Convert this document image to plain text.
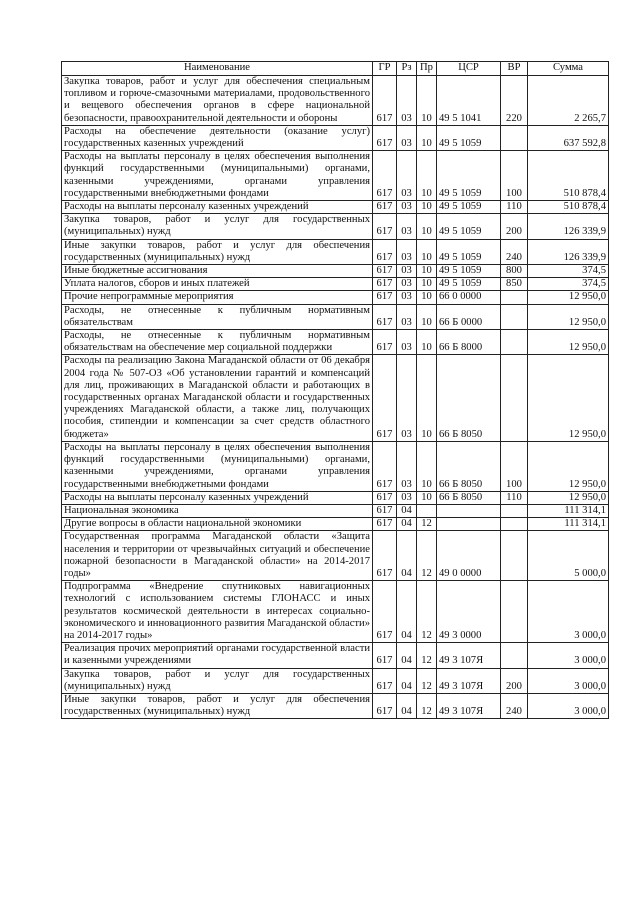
Наименование	ГР	Рз	Пр	ЦСР	ВР	Сумма
Закупка товаров, работ и услуг для обеспечения специальным топливом и горюче-смазочными материалами, продовольственного и вещевого обеспечения органов в сфере национальной безопасности, правоохранительной деятельности и обороны	617	03	10	49 5 1041	220	2 265,7
Расходы на обеспечение деятельности (оказание услуг) государственных казенных учреждений	617	03	10	49 5 1059		637 592,8
Расходы на выплаты персоналу в целях обеспечения выполнения функций государственными (муниципальными) органами, казенными учреждениями, органами управления государственными внебюджетными фондами	617	03	10	49 5 1059	100	510 878,4
Расходы на выплаты персоналу казенных учреждений	617	03	10	49 5 1059	110	510 878,4
Закупка товаров, работ и услуг для государственных (муниципальных) нужд	617	03	10	49 5 1059	200	126 339,9
Иные закупки товаров, работ и услуг для обеспечения государственных (муниципальных) нужд	617	03	10	49 5 1059	240	126 339,9
Иные бюджетные ассигнования	617	03	10	49 5 1059	800	374,5
Уплата налогов, сборов и иных платежей	617	03	10	49 5 1059	850	374,5
Прочие непрограммные мероприятия	617	03	10	66 0 0000		12 950,0
Расходы, не отнесенные к публичным нормативным обязательствам	617	03	10	66 Б 0000		12 950,0
Расходы, не отнесенные к публичным нормативным обязательствам на обеспечение мер социальной поддержки	617	03	10	66 Б 8000		12 950,0
Расходы па реализацию Закона Магаданской области от 06 декабря 2004 года № 507-ОЗ «Об установлении гарантий и компенсаций для лиц, проживающих в Магаданской области и работающих в государственных органах Магаданской области и государственных учреждениях Магаданской области, а также лиц, получающих пособия, стипендии и компенсации за счет средств областного бюджета»	617	03	10	66 Б 8050		12 950,0
Расходы на выплаты персоналу в целях обеспечения выполнения функций государственными (муниципальными) органами, казенными учреждениями, органами управления государственными внебюджетными фондами	617	03	10	66 Б 8050	100	12 950,0
Расходы на выплаты персоналу казенных учреждений	617	03	10	66 Б 8050	110	12 950,0
Национальная экономика	617	04				111 314,1
Другие вопросы в области национальной экономики	617	04	12			111 314,1
Государственная программа Магаданской области «Защита населения и территории от чрезвычайных ситуаций и обеспечение пожарной безопасности в Магаданской области» на 2014-2017 годы»	617	04	12	49 0 0000		5 000,0
Подпрограмма «Внедрение спутниковых навигационных технологий с использованием системы ГЛОНАСС и иных результатов космической деятельности в интересах социально-экономического и инновационного развития Магаданской области» на 2014-2017 годы»	617	04	12	49 3 0000		3 000,0
Реализация прочих мероприятий органами государственной власти и казенными учреждениями	617	04	12	49 3 107Я		3 000,0
Закупка товаров, работ и услуг для государственных (муниципальных) нужд	617	04	12	49 3 107Я	200	3 000,0
Иные закупки товаров, работ и услуг для обеспечения государственных (муниципальных) нужд	617	04	12	49 3 107Я	240	3 000,0
